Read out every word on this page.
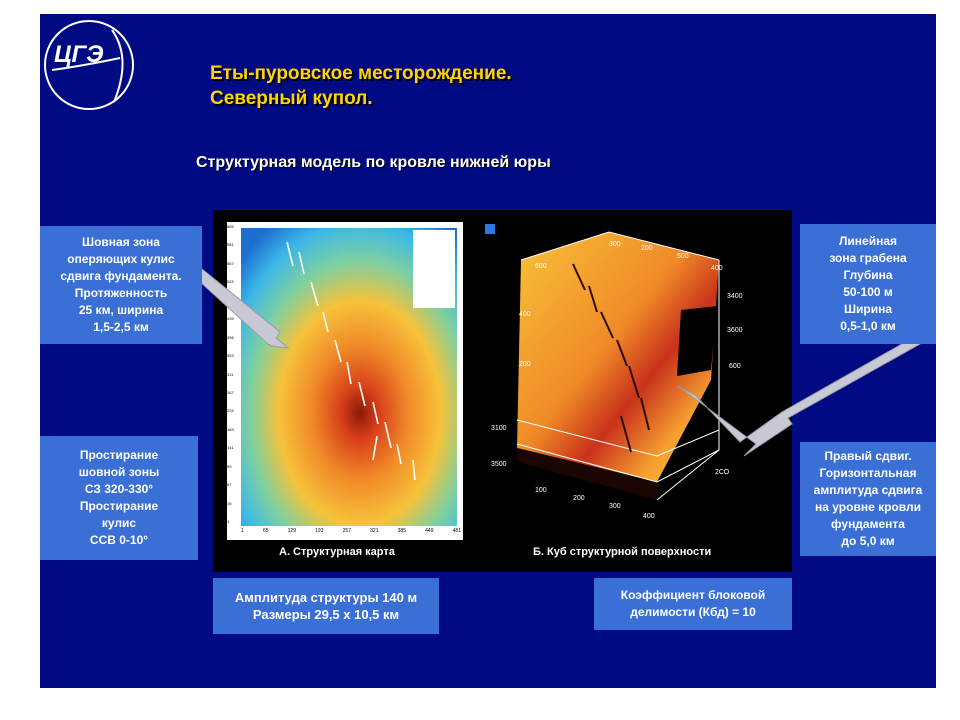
ЦГЭ
Еты-пуровское месторождение.
Северный купол.
Структурная модель по кровле нижней юры
665
581
567
525
439
396
353
311
267
225
183
141
99
57
15
1
1	65	129	193	257	321	385	449	481
300
200
500
400
600
400
3400
3600
600
200
3100
3500
100
200
300
400
2СО
А. Структурная карта	Б. Куб структурной поверхности
Шовная зона
оперяющих кулис
сдвига фундамента.
Протяженность
25 км, ширина
1,5-2,5 км
Простирание
шовной зоны
СЗ 320-330°
Простирание
кулис
ССВ 0-10°
Линейная
зона грабена
Глубина
50-100 м
Ширина
0,5-1,0 км
Правый сдвиг.
Горизонтальная
амплитуда сдвига
на уровне кровли
фундамента
до 5,0 км
Амплитуда структуры 140 м
Размеры 29,5 х 10,5 км
Коэффициент блоковой
делимости (Кбд) = 10
